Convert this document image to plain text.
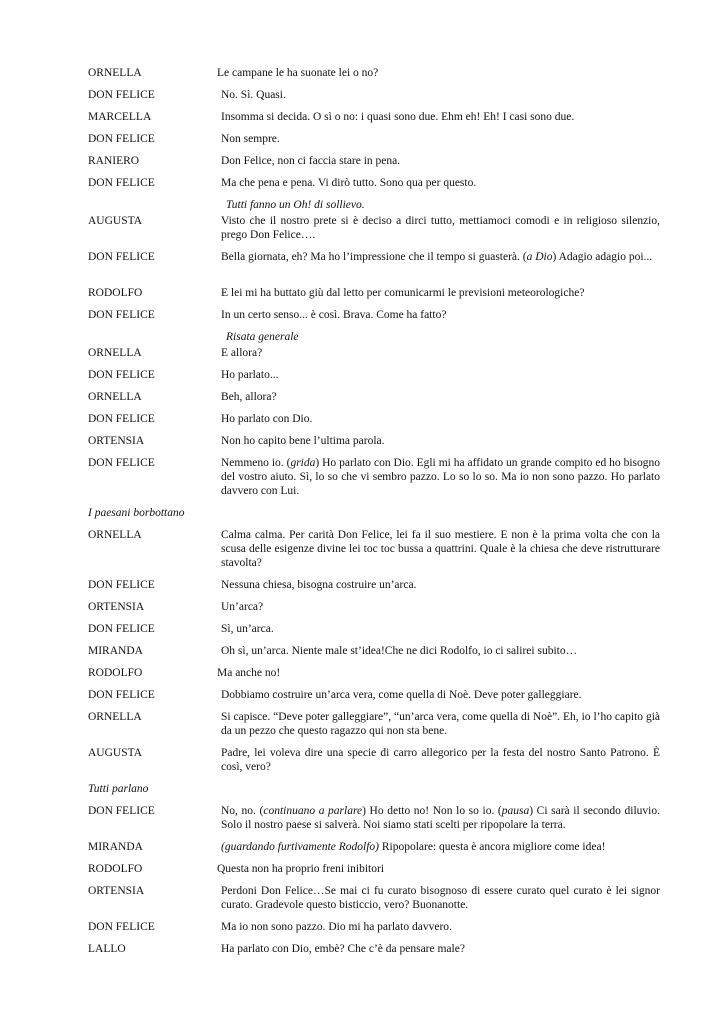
ORNELLA	Le campane le ha suonate lei o no?
DON FELICE	No. Sì. Quasi.
MARCELLA	Insomma si decida. O sì o no: i quasi sono due. Ehm eh! Eh! I casi sono due.
DON FELICE	Non sempre.
RANIERO	Don Felice, non ci faccia stare in pena.
DON FELICE	Ma che pena e pena. Vi dirò tutto. Sono qua per questo.
Tutti fanno un Oh! di sollievo.
AUGUSTA	Visto che il nostro prete si è deciso a dirci tutto, mettiamoci comodi e in religioso silenzio, prego Don Felice….
DON FELICE	Bella giornata, eh? Ma ho l’impressione che il tempo si guasterà. (a Dio) Adagio adagio poi...
RODOLFO	E lei mi ha buttato giù dal letto per comunicarmi le previsioni meteorologiche?
DON FELICE	In un certo senso... è così. Brava. Come ha fatto?
Risata generale
ORNELLA	E allora?
DON FELICE	Ho parlato...
ORNELLA	Beh, allora?
DON FELICE	Ho parlato con Dio.
ORTENSIA	Non ho capito bene l’ultima parola.
DON FELICE	Nemmeno io. (grida) Ho parlato con Dio. Egli mi ha affidato un grande compito ed ho bisogno del vostro aiuto. Sì, lo so che vi sembro pazzo. Lo so lo so. Ma io non sono pazzo. Ho parlato davvero con Lui.
I paesani borbottano
ORNELLA	Calma calma. Per carità Don Felice, lei fa il suo mestiere. E non è la prima volta che con la scusa delle esigenze divine lei toc toc bussa a quattrini. Quale è la chiesa che deve ristrutturare stavolta?
DON FELICE	Nessuna chiesa, bisogna costruire un’arca.
ORTENSIA	Un’arca?
DON FELICE	Sì, un’arca.
MIRANDA	Oh sì, un’arca. Niente male st’idea!Che ne dici Rodolfo, io ci salirei subito…
RODOLFO	Ma anche no!
DON FELICE	Dobbiamo costruire un’arca vera, come quella di Noè. Deve poter galleggiare.
ORNELLA	Si capisce. “Deve poter galleggiare”, “un’arca vera, come quella di Noè”. Eh, io l’ho capito già da un pezzo che questo ragazzo qui non sta bene.
AUGUSTA	Padre, lei voleva dire una specie di carro allegorico per la festa del nostro Santo Patrono. È così, vero?
Tutti parlano
DON FELICE	No, no. (continuano a parlare) Ho detto no! Non lo so io. (pausa) Ci sarà il secondo diluvio. Solo il nostro paese si salverà. Noi siamo stati scelti per ripopolare la terra.
MIRANDA	(guardando furtivamente Rodolfo) Ripopolare: questa è ancora migliore come idea!
RODOLFO	Questa non ha proprio freni inibitori
ORTENSIA	Perdoni Don Felice…Se mai ci fu curato bisognoso di essere curato quel curato è lei signor curato. Gradevole questo bisticcio, vero? Buonanotte.
DON FELICE	Ma io non sono pazzo. Dio mi ha parlato davvero.
LALLO	Ha parlato con Dio, embè? Che c’è da pensare male?
